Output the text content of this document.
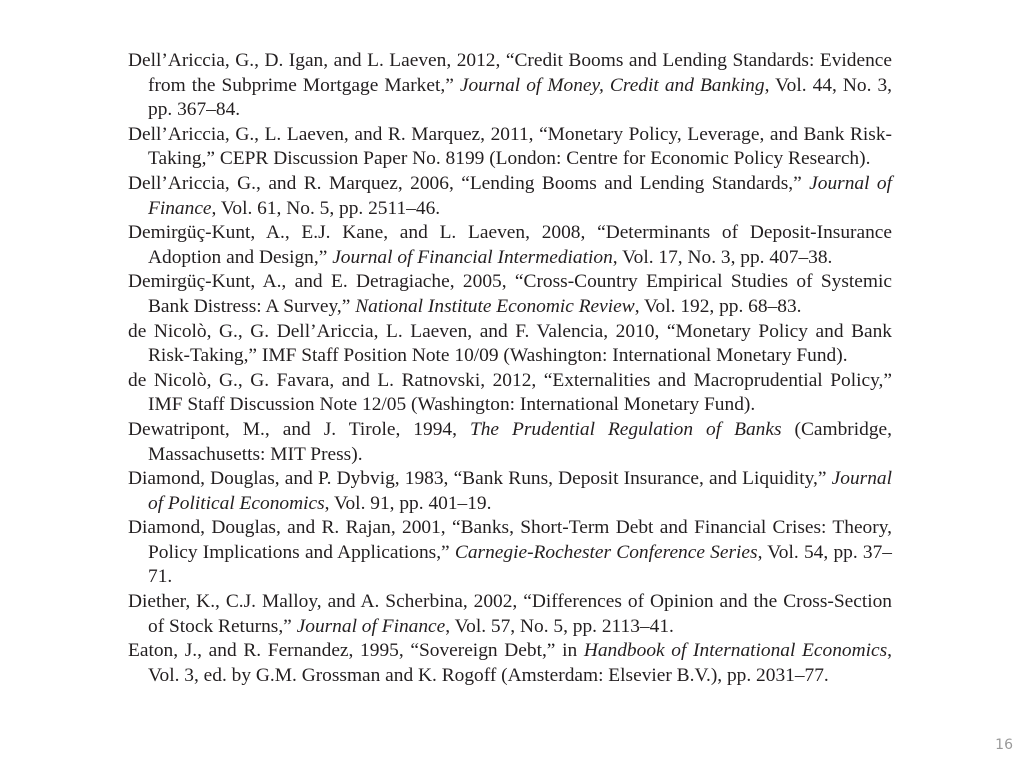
Dell’Ariccia, G., D. Igan, and L. Laeven, 2012, “Credit Booms and Lending Standards: Evidence from the Subprime Mortgage Market,” Journal of Money, Credit and Banking, Vol. 44, No. 3, pp. 367–84.
Dell’Ariccia, G., L. Laeven, and R. Marquez, 2011, “Monetary Policy, Leverage, and Bank Risk-Taking,” CEPR Discussion Paper No. 8199 (London: Centre for Economic Policy Research).
Dell’Ariccia, G., and R. Marquez, 2006, “Lending Booms and Lending Standards,” Journal of Finance, Vol. 61, No. 5, pp. 2511–46.
Demirgüç-Kunt, A., E.J. Kane, and L. Laeven, 2008, “Determinants of Deposit-Insurance Adoption and Design,” Journal of Financial Intermediation, Vol. 17, No. 3, pp. 407–38.
Demirgüç-Kunt, A., and E. Detragiache, 2005, “Cross-Country Empirical Studies of Systemic Bank Distress: A Survey,” National Institute Economic Review, Vol. 192, pp. 68–83.
de Nicolò, G., G. Dell’Ariccia, L. Laeven, and F. Valencia, 2010, “Monetary Policy and Bank Risk-Taking,” IMF Staff Position Note 10/09 (Washington: International Monetary Fund).
de Nicolò, G., G. Favara, and L. Ratnovski, 2012, “Externalities and Macroprudential Policy,” IMF Staff Discussion Note 12/05 (Washington: International Monetary Fund).
Dewatripont, M., and J. Tirole, 1994, The Prudential Regulation of Banks (Cambridge, Massachusetts: MIT Press).
Diamond, Douglas, and P. Dybvig, 1983, “Bank Runs, Deposit Insurance, and Liquidity,” Journal of Political Economics, Vol. 91, pp. 401–19.
Diamond, Douglas, and R. Rajan, 2001, “Banks, Short-Term Debt and Financial Crises: Theory, Policy Implications and Applications,” Carnegie-Rochester Conference Series, Vol. 54, pp. 37–71.
Diether, K., C.J. Malloy, and A. Scherbina, 2002, “Differences of Opinion and the Cross-Section of Stock Returns,” Journal of Finance, Vol. 57, No. 5, pp. 2113–41.
Eaton, J., and R. Fernandez, 1995, “Sovereign Debt,” in Handbook of International Economics, Vol. 3, ed. by G.M. Grossman and K. Rogoff (Amsterdam: Elsevier B.V.), pp. 2031–77.
16
